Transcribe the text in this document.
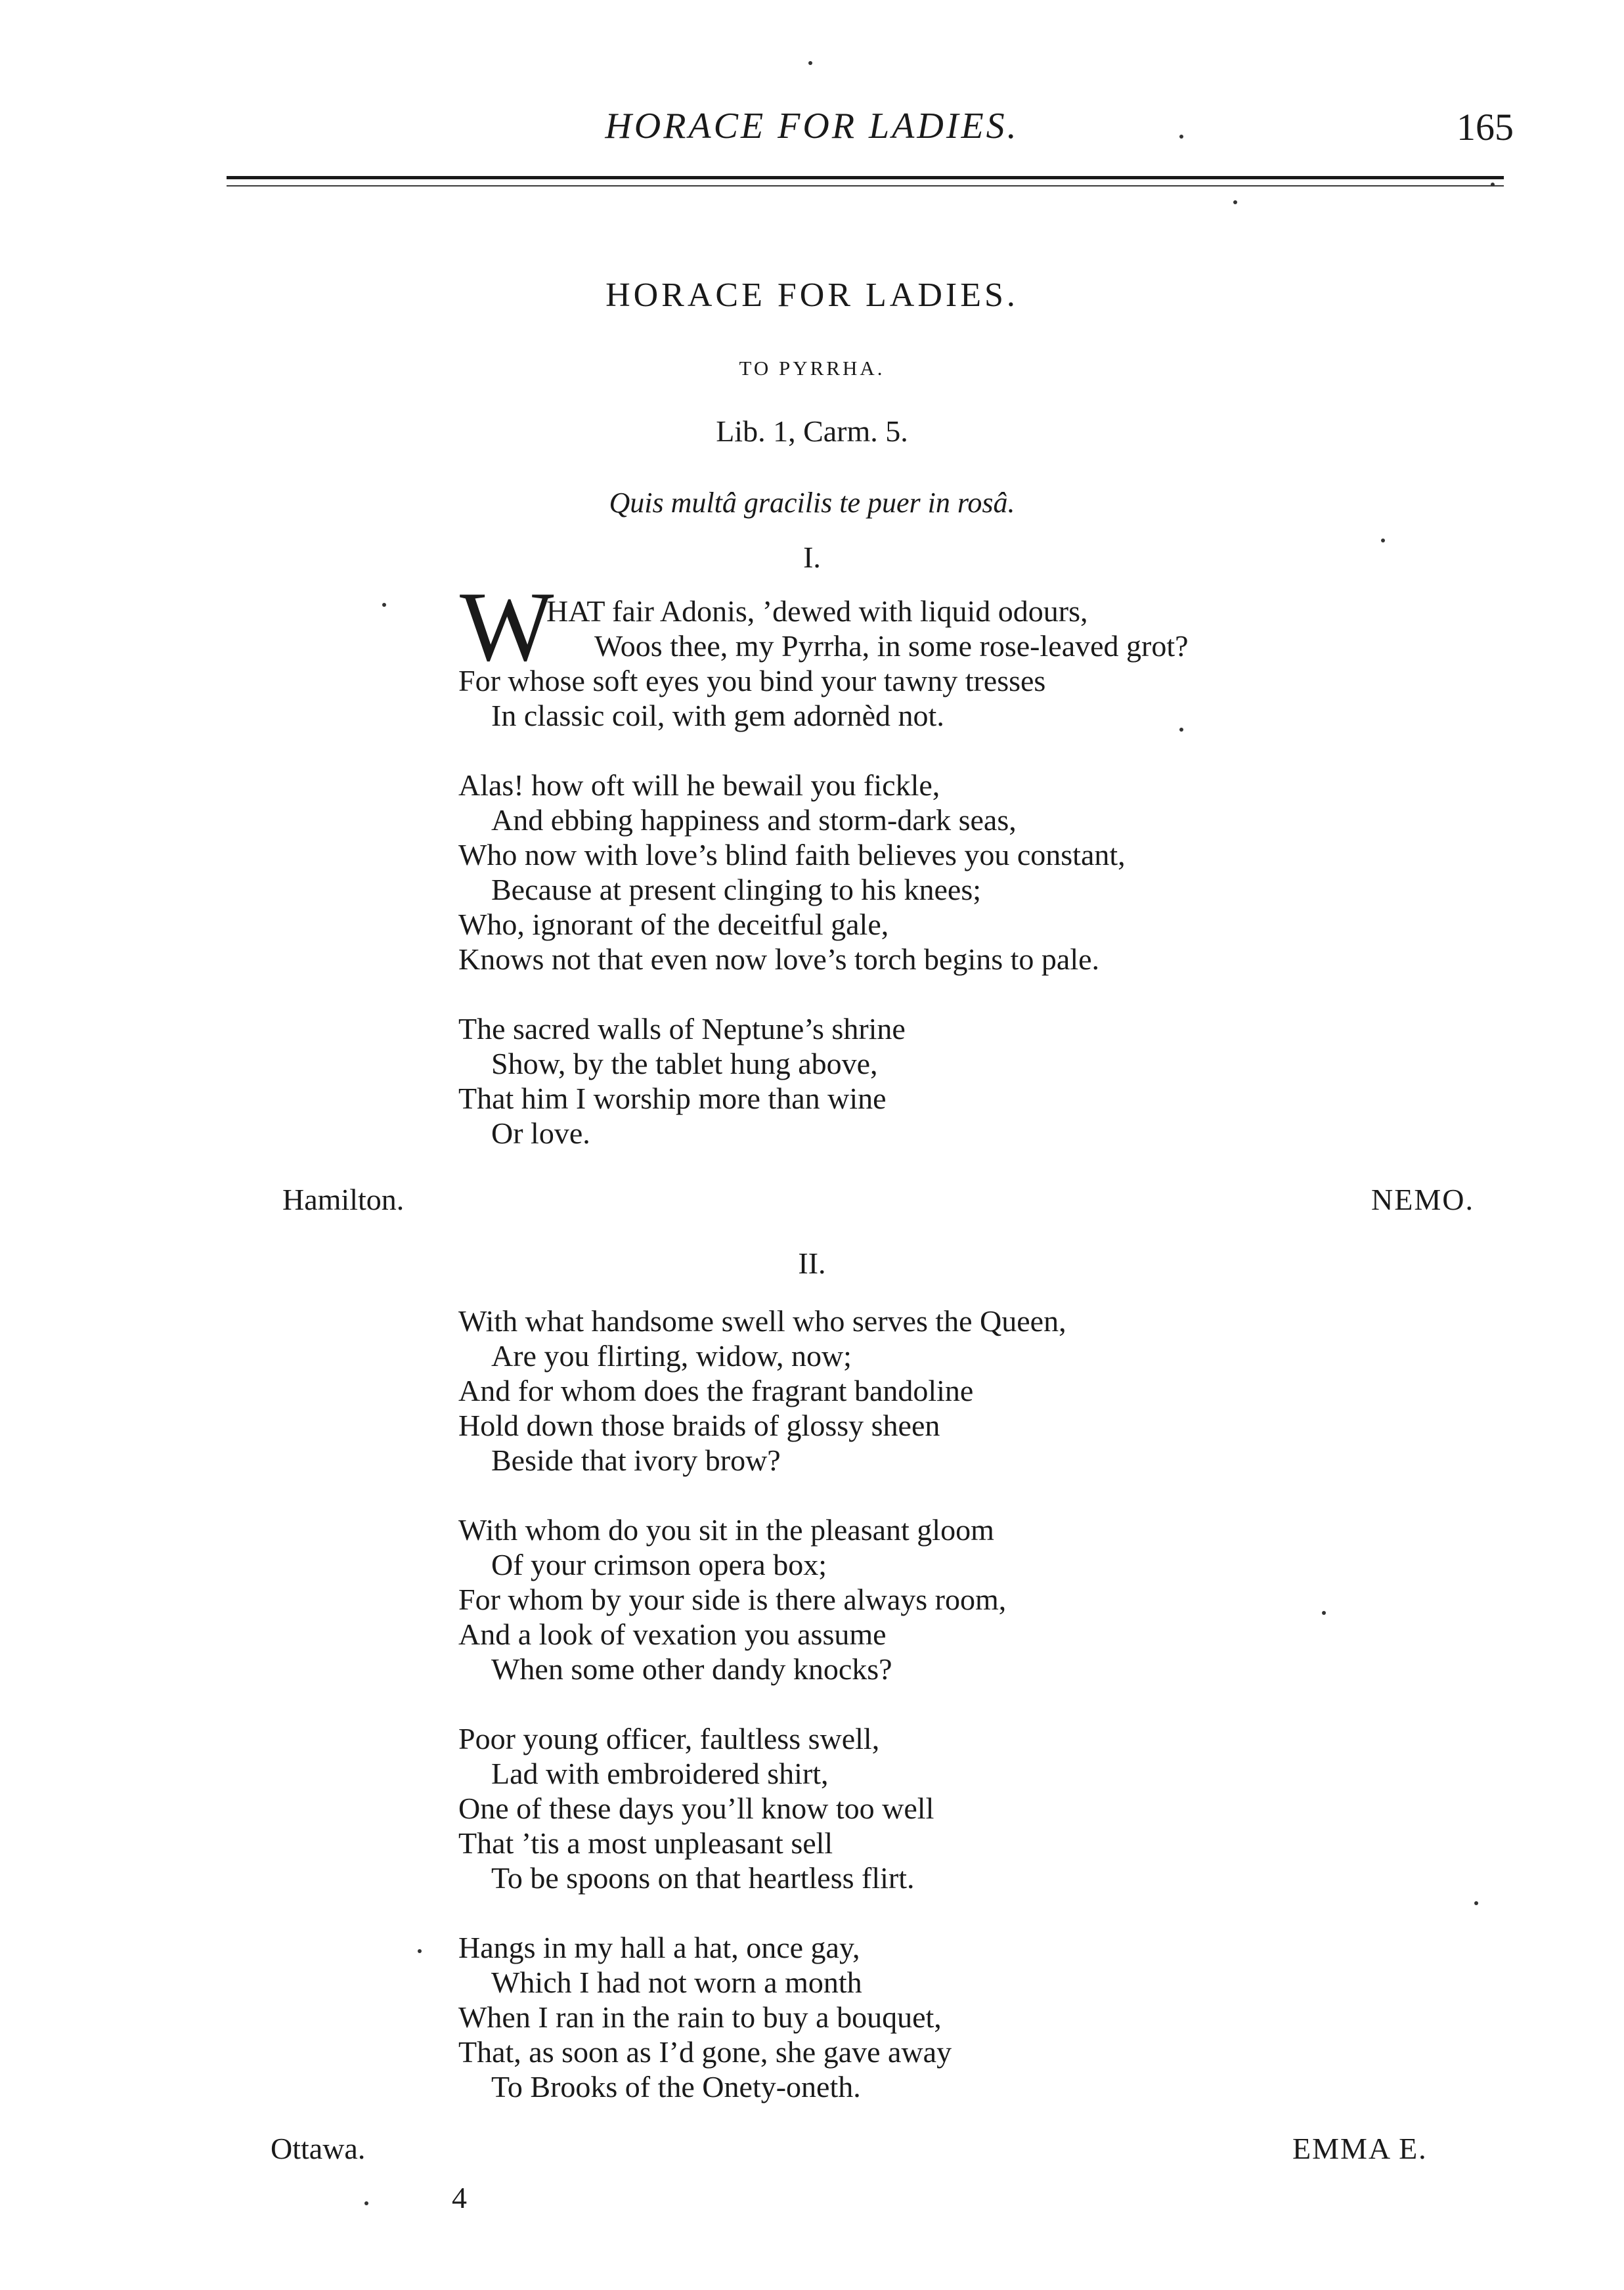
HORACE FOR LADIES.	165
HORACE FOR LADIES.
TO PYRRHA.
Lib. 1, Carm. 5.
Quis multâ gracilis te puer in rosâ.
I.
W
HAT fair Adonis, ’dewed with liquid odours,
Woos thee, my Pyrrha, in some rose-leaved grot?
For whose soft eyes you bind your tawny tresses
In classic coil, with gem adornèd not.
Alas! how oft will he bewail you fickle,
And ebbing happiness and storm-dark seas,
Who now with love’s blind faith believes you constant,
Because at present clinging to his knees;
Who, ignorant of the deceitful gale,
Knows not that even now love’s torch begins to pale.
The sacred walls of Neptune’s shrine
Show, by the tablet hung above,
That him I worship more than wine
Or love.
Hamilton.	NEMO.
II.
With what handsome swell who serves the Queen,
Are you flirting, widow, now;
And for whom does the fragrant bandoline
Hold down those braids of glossy sheen
Beside that ivory brow?
With whom do you sit in the pleasant gloom
Of your crimson opera box;
For whom by your side is there always room,
And a look of vexation you assume
When some other dandy knocks?
Poor young officer, faultless swell,
Lad with embroidered shirt,
One of these days you’ll know too well
That ’tis a most unpleasant sell
To be spoons on that heartless flirt.
Hangs in my hall a hat, once gay,
Which I had not worn a month
When I ran in the rain to buy a bouquet,
That, as soon as I’d gone, she gave away
To Brooks of the Onety-oneth.
Ottawa.	EMMA E.
4
